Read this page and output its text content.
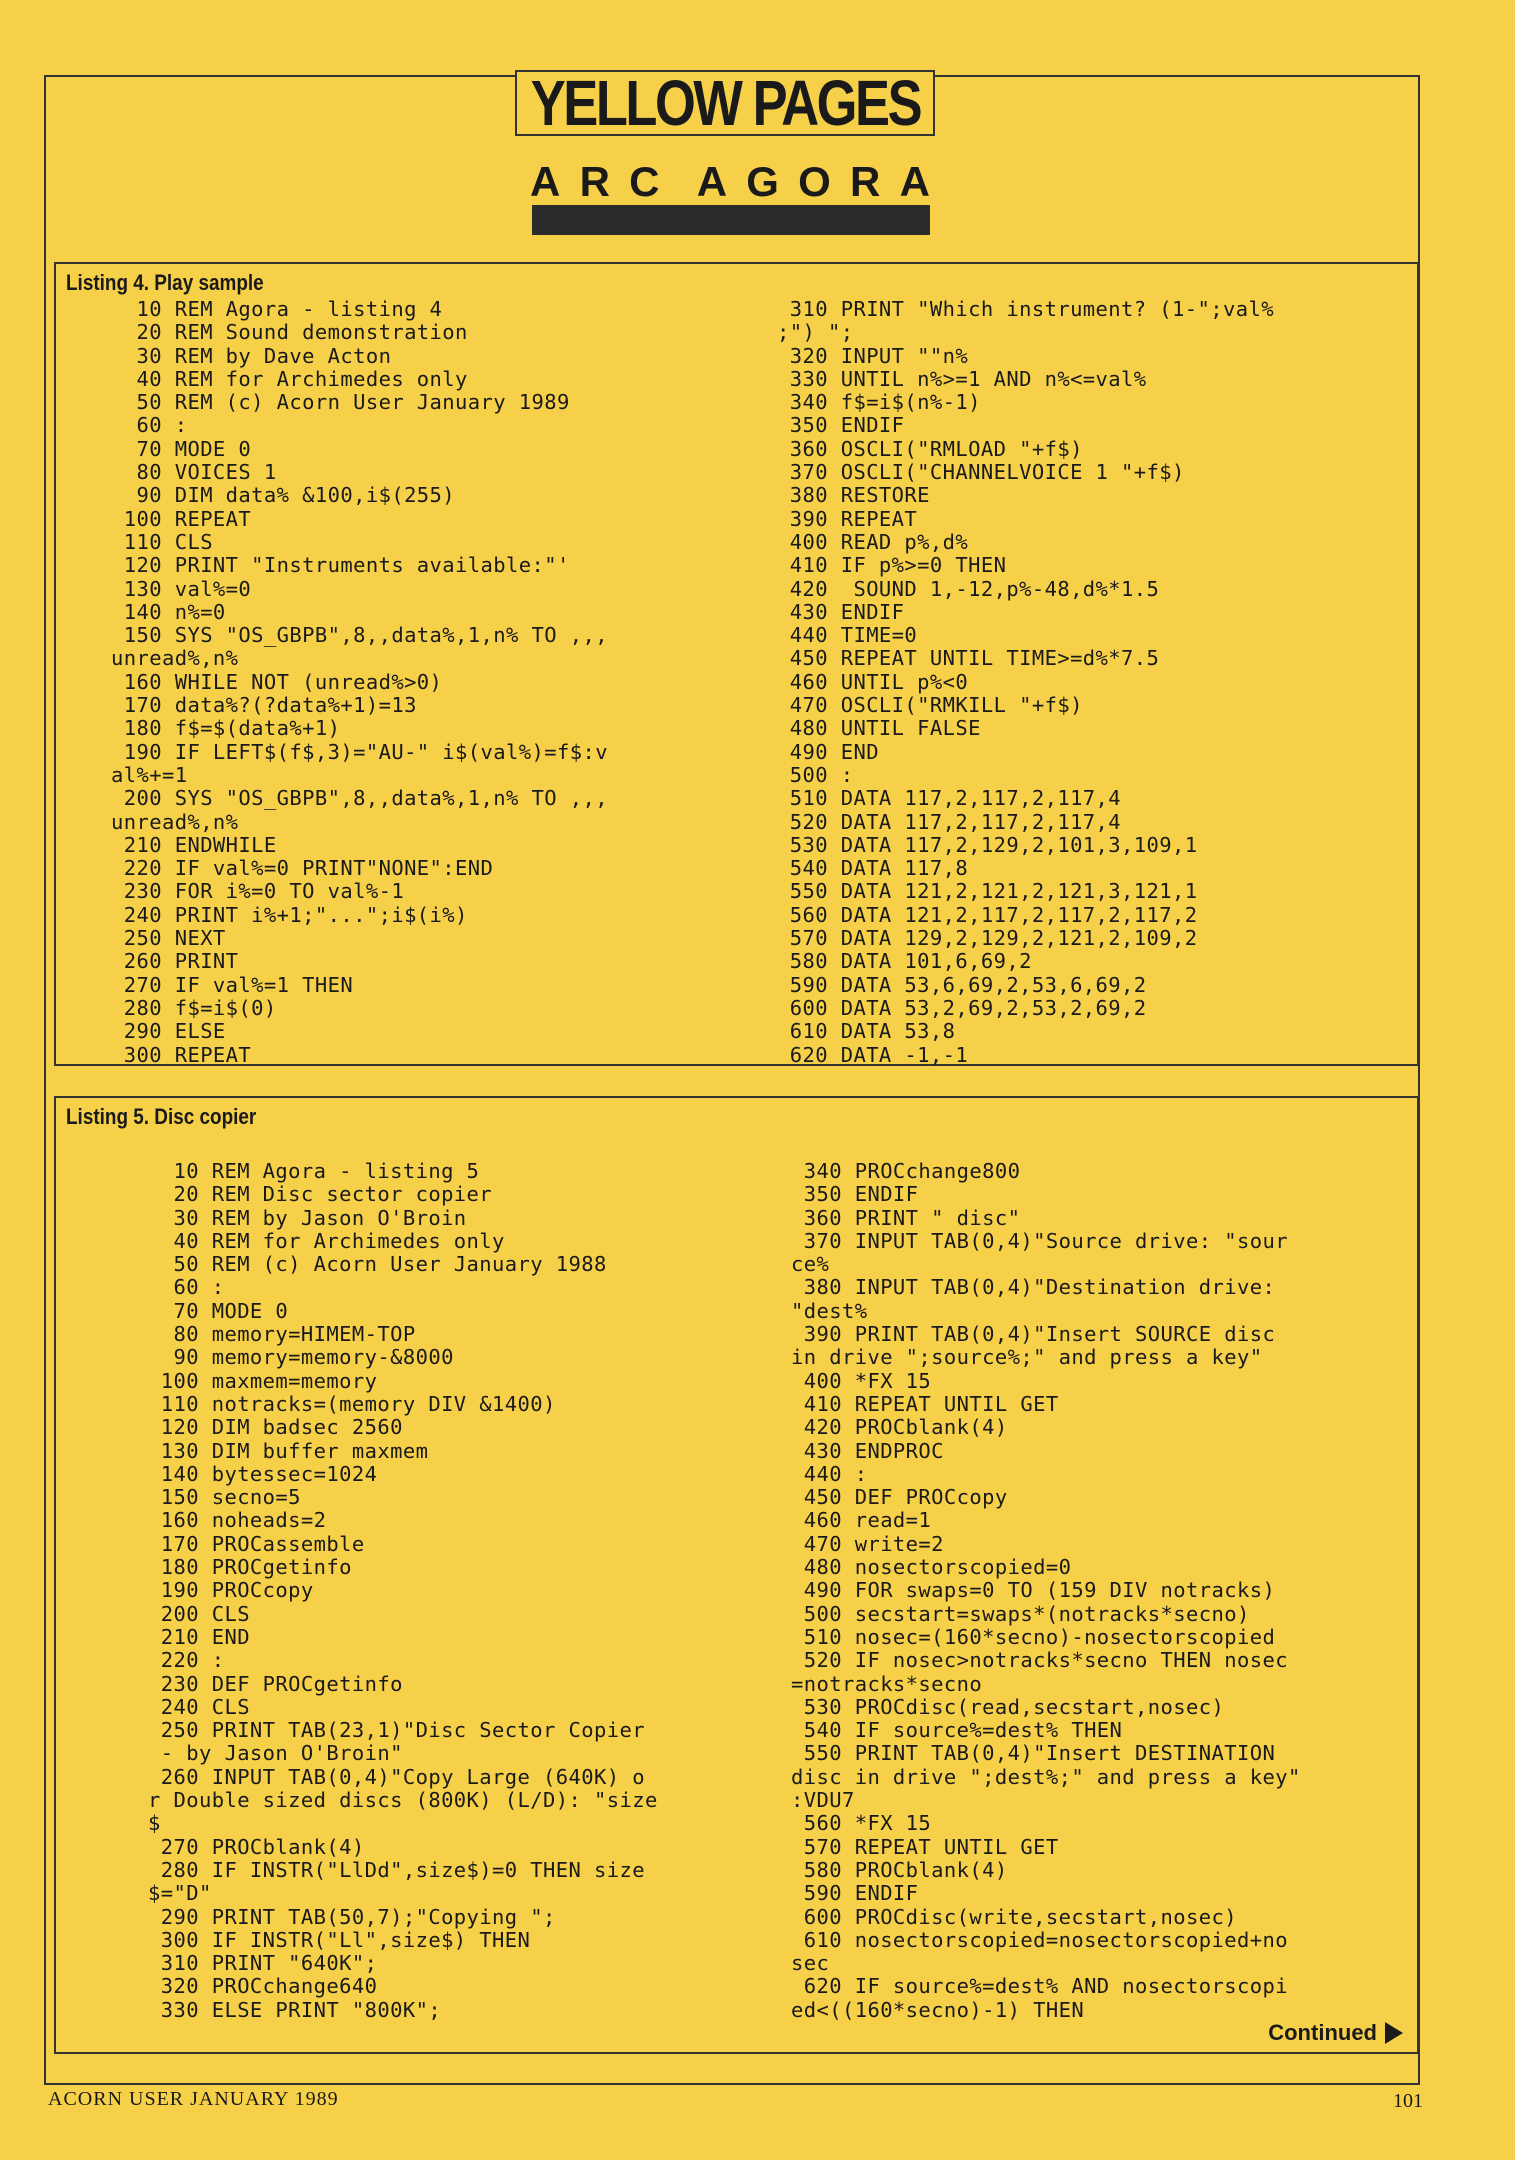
YELLOW PAGES
A R C A G O R A
Listing 4. Play sample
10 REM Agora - listing 4
20 REM Sound demonstration
30 REM by Dave Acton
40 REM for Archimedes only
50 REM (c) Acorn User January 1989
60 :
70 MODE 0
80 VOICES 1
90 DIM data% &100,i$(255)
100 REPEAT
110 CLS
120 PRINT "Instruments available:"'
130 val%=0
140 n%=0
150 SYS "OS_GBPB",8,,data%,1,n% TO ,,,
unread%,n%
160 WHILE NOT (unread%>0)
170 data%?(?data%+1)=13
180 f$=$(data%+1)
190 IF LEFT$(f$,3)="AU-" i$(val%)=f$:v
al%+=1
200 SYS "OS_GBPB",8,,data%,1,n% TO ,,,
unread%,n%
210 ENDWHILE
220 IF val%=0 PRINT"NONE":END
230 FOR i%=0 TO val%-1
240 PRINT i%+1;"...";i$(i%)
250 NEXT
260 PRINT
270 IF val%=1 THEN
280 f$=i$(0)
290 ELSE
300 REPEAT
310 PRINT "Which instrument? (1-";val%
;") ";
320 INPUT ""n%
330 UNTIL n%>=1 AND n%<=val%
340 f$=i$(n%-1)
350 ENDIF
360 OSCLI("RMLOAD "+f$)
370 OSCLI("CHANNELVOICE 1 "+f$)
380 RESTORE
390 REPEAT
400 READ p%,d%
410 IF p%>=0 THEN
420  SOUND 1,-12,p%-48,d%*1.5
430 ENDIF
440 TIME=0
450 REPEAT UNTIL TIME>=d%*7.5
460 UNTIL p%<0
470 OSCLI("RMKILL "+f$)
480 UNTIL FALSE
490 END
500 :
510 DATA 117,2,117,2,117,4
520 DATA 117,2,117,2,117,4
530 DATA 117,2,129,2,101,3,109,1
540 DATA 117,8
550 DATA 121,2,121,2,121,3,121,1
560 DATA 121,2,117,2,117,2,117,2
570 DATA 129,2,129,2,121,2,109,2
580 DATA 101,6,69,2
590 DATA 53,6,69,2,53,6,69,2
600 DATA 53,2,69,2,53,2,69,2
610 DATA 53,8
620 DATA -1,-1
Listing 5. Disc copier
10 REM Agora - listing 5
20 REM Disc sector copier
30 REM by Jason O'Broin
40 REM for Archimedes only
50 REM (c) Acorn User January 1988
60 :
70 MODE 0
80 memory=HIMEM-TOP
90 memory=memory-&8000
100 maxmem=memory
110 notracks=(memory DIV &1400)
120 DIM badsec 2560
130 DIM buffer maxmem
140 bytessec=1024
150 secno=5
160 noheads=2
170 PROCassemble
180 PROCgetinfo
190 PROCcopy
200 CLS
210 END
220 :
230 DEF PROCgetinfo
240 CLS
250 PRINT TAB(23,1)"Disc Sector Copier
- by Jason O'Broin"
260 INPUT TAB(0,4)"Copy Large (640K) o
r Double sized discs (800K) (L/D): "size
$
270 PROCblank(4)
280 IF INSTR("LlDd",size$)=0 THEN size
$="D"
290 PRINT TAB(50,7);"Copying ";
300 IF INSTR("Ll",size$) THEN
310 PRINT "640K";
320 PROCchange640
330 ELSE PRINT "800K";
340 PROCchange800
350 ENDIF
360 PRINT " disc"
370 INPUT TAB(0,4)"Source drive: "sour
ce%
380 INPUT TAB(0,4)"Destination drive:
"dest%
390 PRINT TAB(0,4)"Insert SOURCE disc
in drive ";source%;" and press a key"
400 *FX 15
410 REPEAT UNTIL GET
420 PROCblank(4)
430 ENDPROC
440 :
450 DEF PROCcopy
460 read=1
470 write=2
480 nosectorscopied=0
490 FOR swaps=0 TO (159 DIV notracks)
500 secstart=swaps*(notracks*secno)
510 nosec=(160*secno)-nosectorscopied
520 IF nosec>notracks*secno THEN nosec
=notracks*secno
530 PROCdisc(read,secstart,nosec)
540 IF source%=dest% THEN
550 PRINT TAB(0,4)"Insert DESTINATION
disc in drive ";dest%;" and press a key"
:VDU7
560 *FX 15
570 REPEAT UNTIL GET
580 PROCblank(4)
590 ENDIF
600 PROCdisc(write,secstart,nosec)
610 nosectorscopied=nosectorscopied+no
sec
620 IF source%=dest% AND nosectorscopi
ed<((160*secno)-1) THEN
Continued
ACORN USER JANUARY 1989	101
